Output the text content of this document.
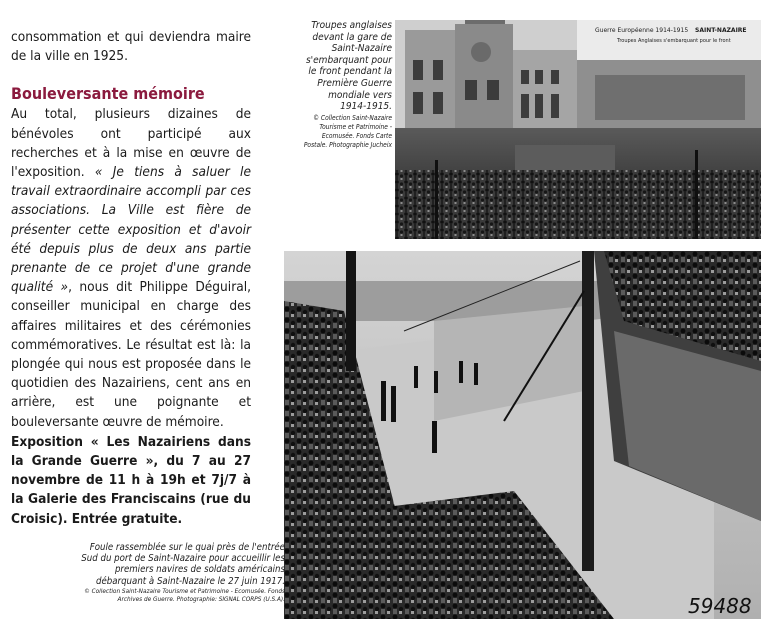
consommation et qui deviendra maire de la ville en 1925.

Bouleversante mémoire

Au total, plusieurs dizaines de bénévoles ont participé aux recherches et à la mise en œuvre de l'exposition. « Je tiens à saluer le travail extraordinaire accompli par ces associations. La Ville est fière de présenter cette exposition et d'avoir été depuis plus de deux ans partie prenante de ce projet d'une grande qualité », nous dit Philippe Déguiral, conseiller municipal en charge des affaires militaires et des cérémonies commémoratives. Le résultat est là: la plongée qui nous est proposée dans le quotidien des Nazairiens, cent ans en arrière, est une poignante et bouleversante œuvre de mémoire.

Exposition « Les Nazairiens dans la Grande Guerre », du 7 au 27 novembre de 11 h à 19h et 7j/7 à la Galerie des Franciscains (rue du Croisic). Entrée gratuite.

Troupes anglaises devant la gare de Saint-Nazaire s'embarquant pour le front pendant la Première Guerre mondiale vers 1914-1915.
© Collection Saint-Nazaire Tourisme et Patrimoine - Ecomusée. Fonds Carte Postale. Photographie Jucheix
Guerre Européenne 1914-1915 SAINT-NAZAIRE
Troupes Anglaises s'embarquant pour le front
59488
Foule rassemblée sur le quai près de l'entrée Sud du port de Saint-Nazaire pour accueillir les premiers navires de soldats américains débarquant à Saint-Nazaire le 27 juin 1917.
© Collection Saint-Nazaire Tourisme et Patrimoine - Ecomusée. Fonds Archives de Guerre. Photographie: SIGNAL CORPS (U.S.A).
